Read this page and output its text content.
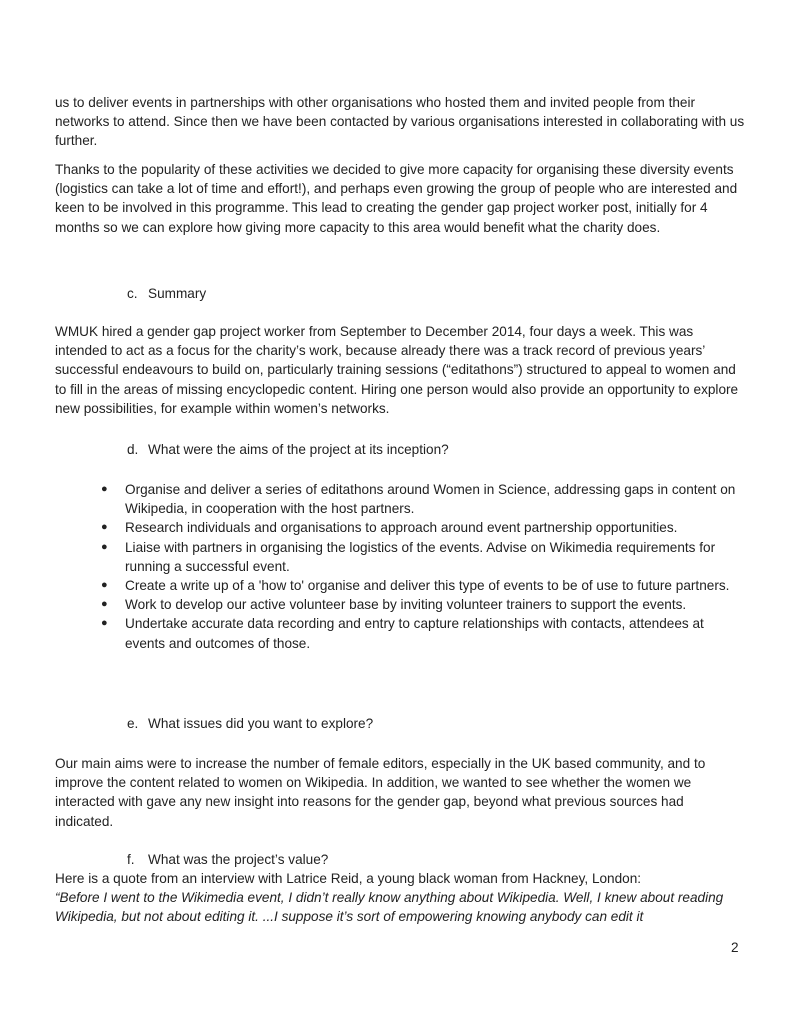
us to deliver events in partnerships with other organisations who hosted them and invited people from their networks to attend. Since then we have been contacted by various organisations interested in collaborating with us further.

Thanks to the popularity of these activities we decided to give more capacity for organising these diversity events (logistics can take a lot of time and effort!), and perhaps even growing the group of people who are interested and keen to be involved in this programme. This lead to creating the gender gap project worker post, initially for 4 months so we can explore how giving more capacity to this area would benefit what the charity does.

c. Summary

WMUK hired a gender gap project worker from September to December 2014, four days a week. This was intended to act as a focus for the charity’s work, because already there was a track record of previous years’ successful endeavours to build on, particularly training sessions (“editathons”) structured to appeal to women and to fill in the areas of missing encyclopedic content. Hiring one person would also provide an opportunity to explore new possibilities, for example within women’s networks.

d. What were the aims of the project at its inception?
● Organise and deliver a series of editathons around Women in Science, addressing gaps in content on Wikipedia, in cooperation with the host partners.
● Research individuals and organisations to approach around event partnership opportunities.
● Liaise with partners in organising the logistics of the events. Advise on Wikimedia requirements for running a successful event.
● Create a write up of a 'how to' organise and deliver this type of events to be of use to future partners.
● Work to develop our active volunteer base by inviting volunteer trainers to support the events.
● Undertake accurate data recording and entry to capture relationships with contacts, attendees at events and outcomes of those.
e. What issues did you want to explore?

Our main aims were to increase the number of female editors, especially in the UK based community, and to improve the content related to women on Wikipedia. In addition, we wanted to see whether the women we interacted with gave any new insight into reasons for the gender gap, beyond what previous sources had indicated.

f. What was the project’s value?

Here is a quote from an interview with Latrice Reid, a young black woman from Hackney, London:

“Before I went to the Wikimedia event, I didn’t really know anything about Wikipedia. Well, I knew about reading Wikipedia, but not about editing it. ...I suppose it’s sort of empowering knowing anybody can edit it

2
